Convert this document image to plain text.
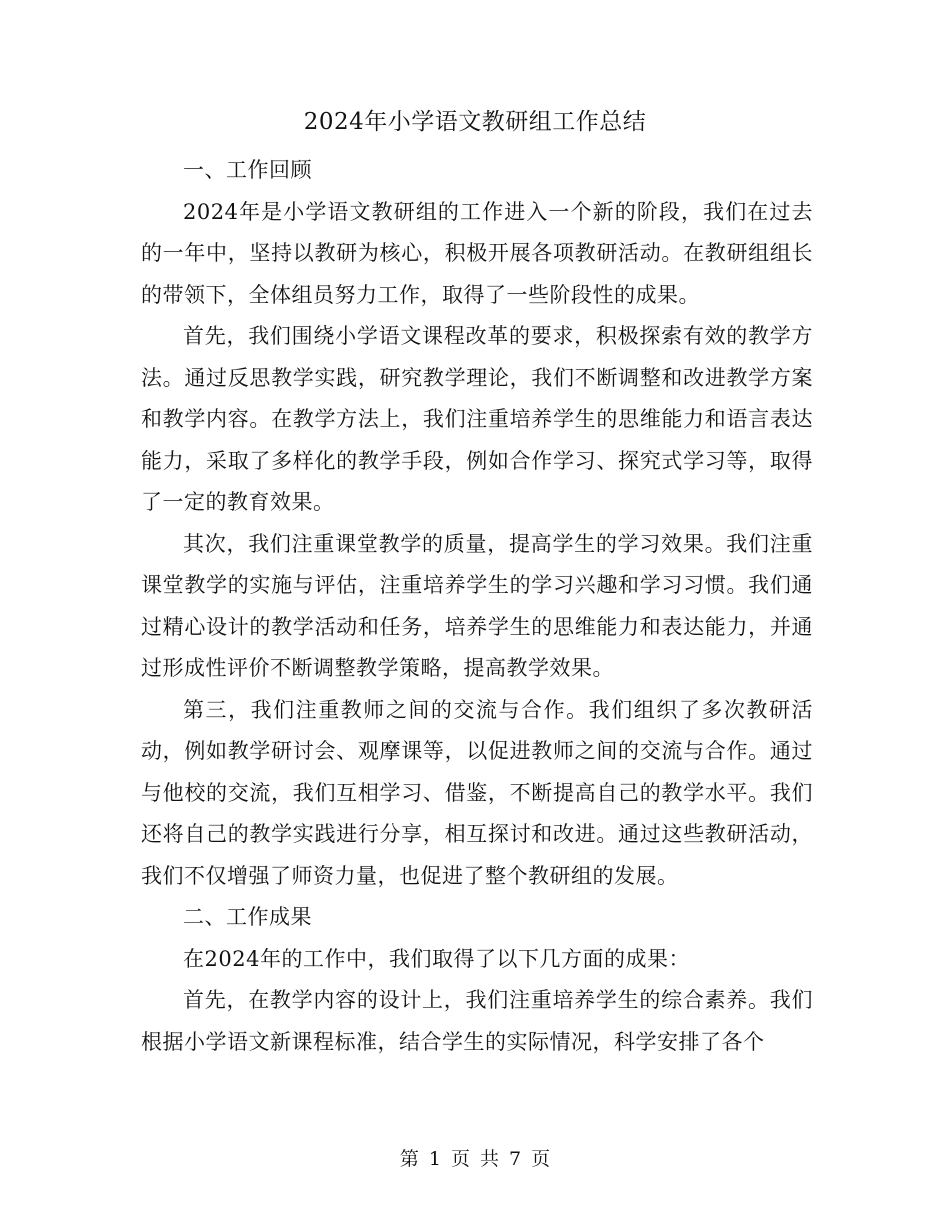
2024年小学语文教研组工作总结

一、工作回顾

2024年是小学语文教研组的工作进入一个新的阶段，我们在过去的一年中，坚持以教研为核心，积极开展各项教研活动。在教研组组长的带领下，全体组员努力工作，取得了一些阶段性的成果。

首先，我们围绕小学语文课程改革的要求，积极探索有效的教学方法。通过反思教学实践，研究教学理论，我们不断调整和改进教学方案和教学内容。在教学方法上，我们注重培养学生的思维能力和语言表达能力，采取了多样化的教学手段，例如合作学习、探究式学习等，取得了一定的教育效果。

其次，我们注重课堂教学的质量，提高学生的学习效果。我们注重课堂教学的实施与评估，注重培养学生的学习兴趣和学习习惯。我们通过精心设计的教学活动和任务，培养学生的思维能力和表达能力，并通过形成性评价不断调整教学策略，提高教学效果。

第三，我们注重教师之间的交流与合作。我们组织了多次教研活动，例如教学研讨会、观摩课等，以促进教师之间的交流与合作。通过与他校的交流，我们互相学习、借鉴，不断提高自己的教学水平。我们还将自己的教学实践进行分享，相互探讨和改进。通过这些教研活动，我们不仅增强了师资力量，也促进了整个教研组的发展。

二、工作成果

在2024年的工作中，我们取得了以下几方面的成果：

首先，在教学内容的设计上，我们注重培养学生的综合素养。我们根据小学语文新课程标准，结合学生的实际情况，科学安排了各个

第 1 页 共 7 页
